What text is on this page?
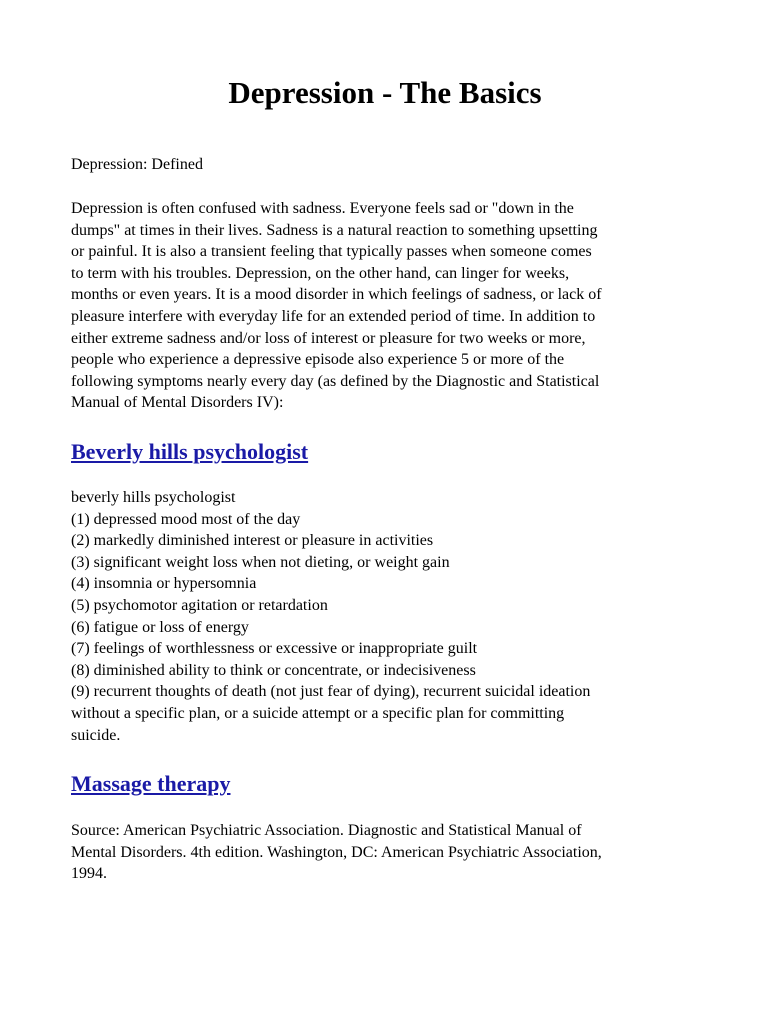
Depression - The Basics

Depression: Defined

Depression is often confused with sadness. Everyone feels sad or "down in the
dumps" at times in their lives. Sadness is a natural reaction to something upsetting
or painful. It is also a transient feeling that typically passes when someone comes
to term with his troubles. Depression, on the other hand, can linger for weeks,
months or even years. It is a mood disorder in which feelings of sadness, or lack of
pleasure interfere with everyday life for an extended period of time. In addition to
either extreme sadness and/or loss of interest or pleasure for two weeks or more,
people who experience a depressive episode also experience 5 or more of the
following symptoms nearly every day (as defined by the Diagnostic and Statistical
Manual of Mental Disorders IV):

Beverly hills psychologist

beverly hills psychologist
(1) depressed mood most of the day
(2) markedly diminished interest or pleasure in activities
(3) significant weight loss when not dieting, or weight gain
(4) insomnia or hypersomnia
(5) psychomotor agitation or retardation
(6) fatigue or loss of energy
(7) feelings of worthlessness or excessive or inappropriate guilt
(8) diminished ability to think or concentrate, or indecisiveness
(9) recurrent thoughts of death (not just fear of dying), recurrent suicidal ideation
without a specific plan, or a suicide attempt or a specific plan for committing
suicide.

Massage therapy

Source: American Psychiatric Association. Diagnostic and Statistical Manual of
Mental Disorders. 4th edition. Washington, DC: American Psychiatric Association,
1994.
